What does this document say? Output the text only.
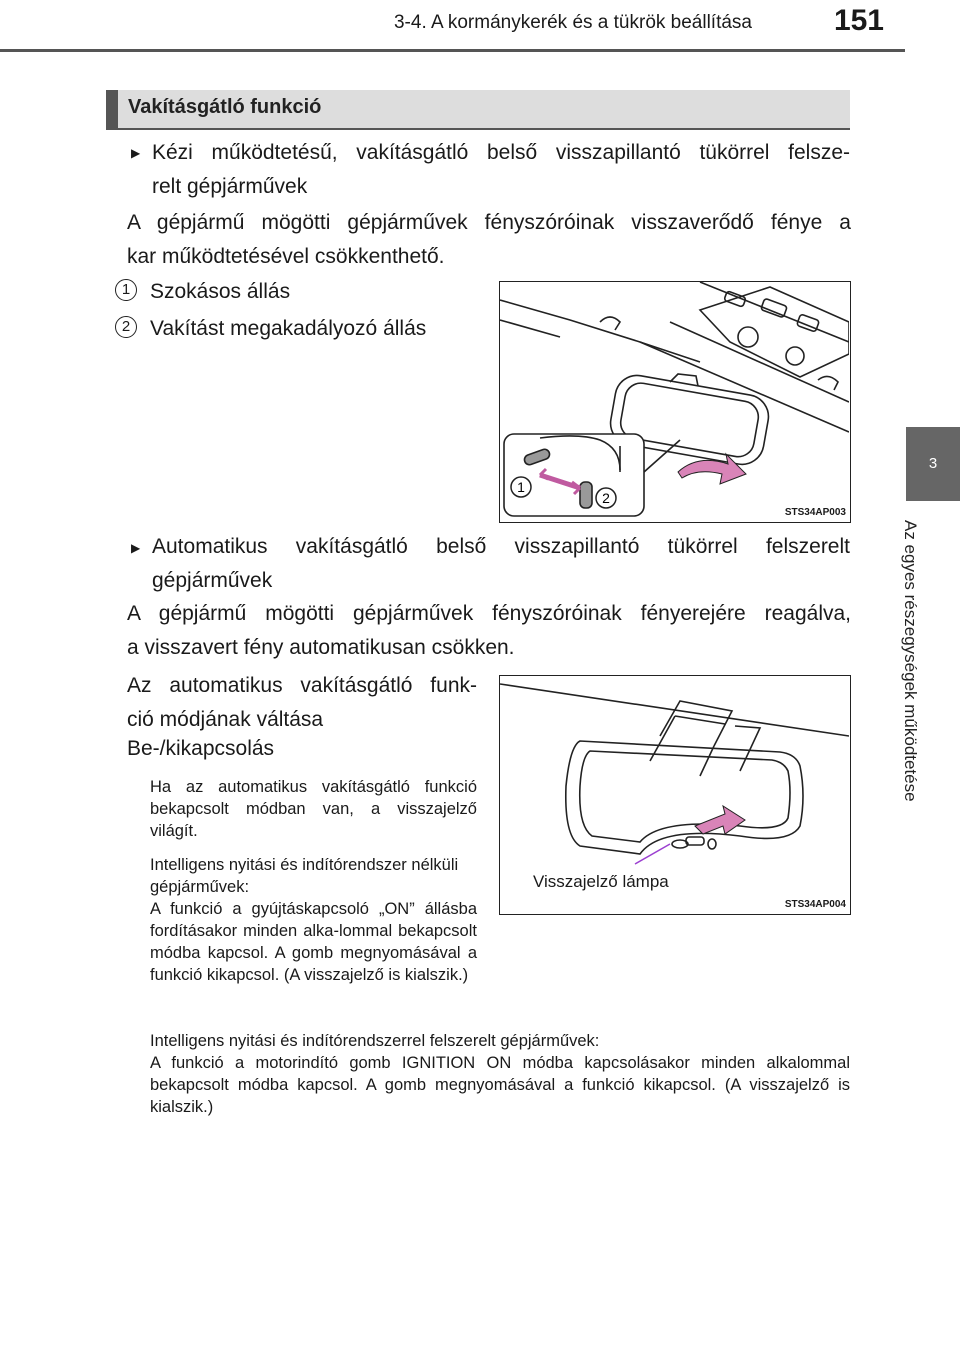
3-4. A kormánykerék és a tükrök beállítása	151
3
Az egyes részegységek működtetése
Vakításgátló funkció
▶ Kézi működtetésű, vakításgátló belső visszapillantó tükörrel felsze-
relt gépjárművek
A gépjármű mögötti gépjárművek fényszóróinak visszaverődő fénye a
kar működtetésével csökkenthető.
1 Szokásos állás
2 Vakítást megakadályozó állás
1
2
STS34AP003
▶ Automatikus vakításgátló belső visszapillantó tükörrel felszerelt
gépjárművek
A gépjármű mögötti gépjárművek fényszóróinak fényerejére reagálva,
a visszavert fény automatikusan csökken.
Az automatikus vakításgátló funk-
ció módjának váltása
Be-/kikapcsolás
Ha az automatikus vakításgátló funkció bekapcsolt módban van, a visszajelző világít.
Intelligens nyitási és indítórendszer nélküli gépjárművek:
A funkció a gyújtáskapcsoló „ON” állásba fordításakor minden alka-lommal bekapcsolt módba kapcsol. A gomb megnyomásával a funkció kikapcsol. (A visszajelző is kialszik.)
Intelligens nyitási és indítórendszerrel felszerelt gépjárművek:
A funkció a motorindító gomb IGNITION ON módba kapcsolásakor minden alkalommal bekapcsolt módba kapcsol. A gomb megnyomásával a funkció kikapcsol. (A visszajelző is kialszik.)
Visszajelző lámpa
STS34AP004
